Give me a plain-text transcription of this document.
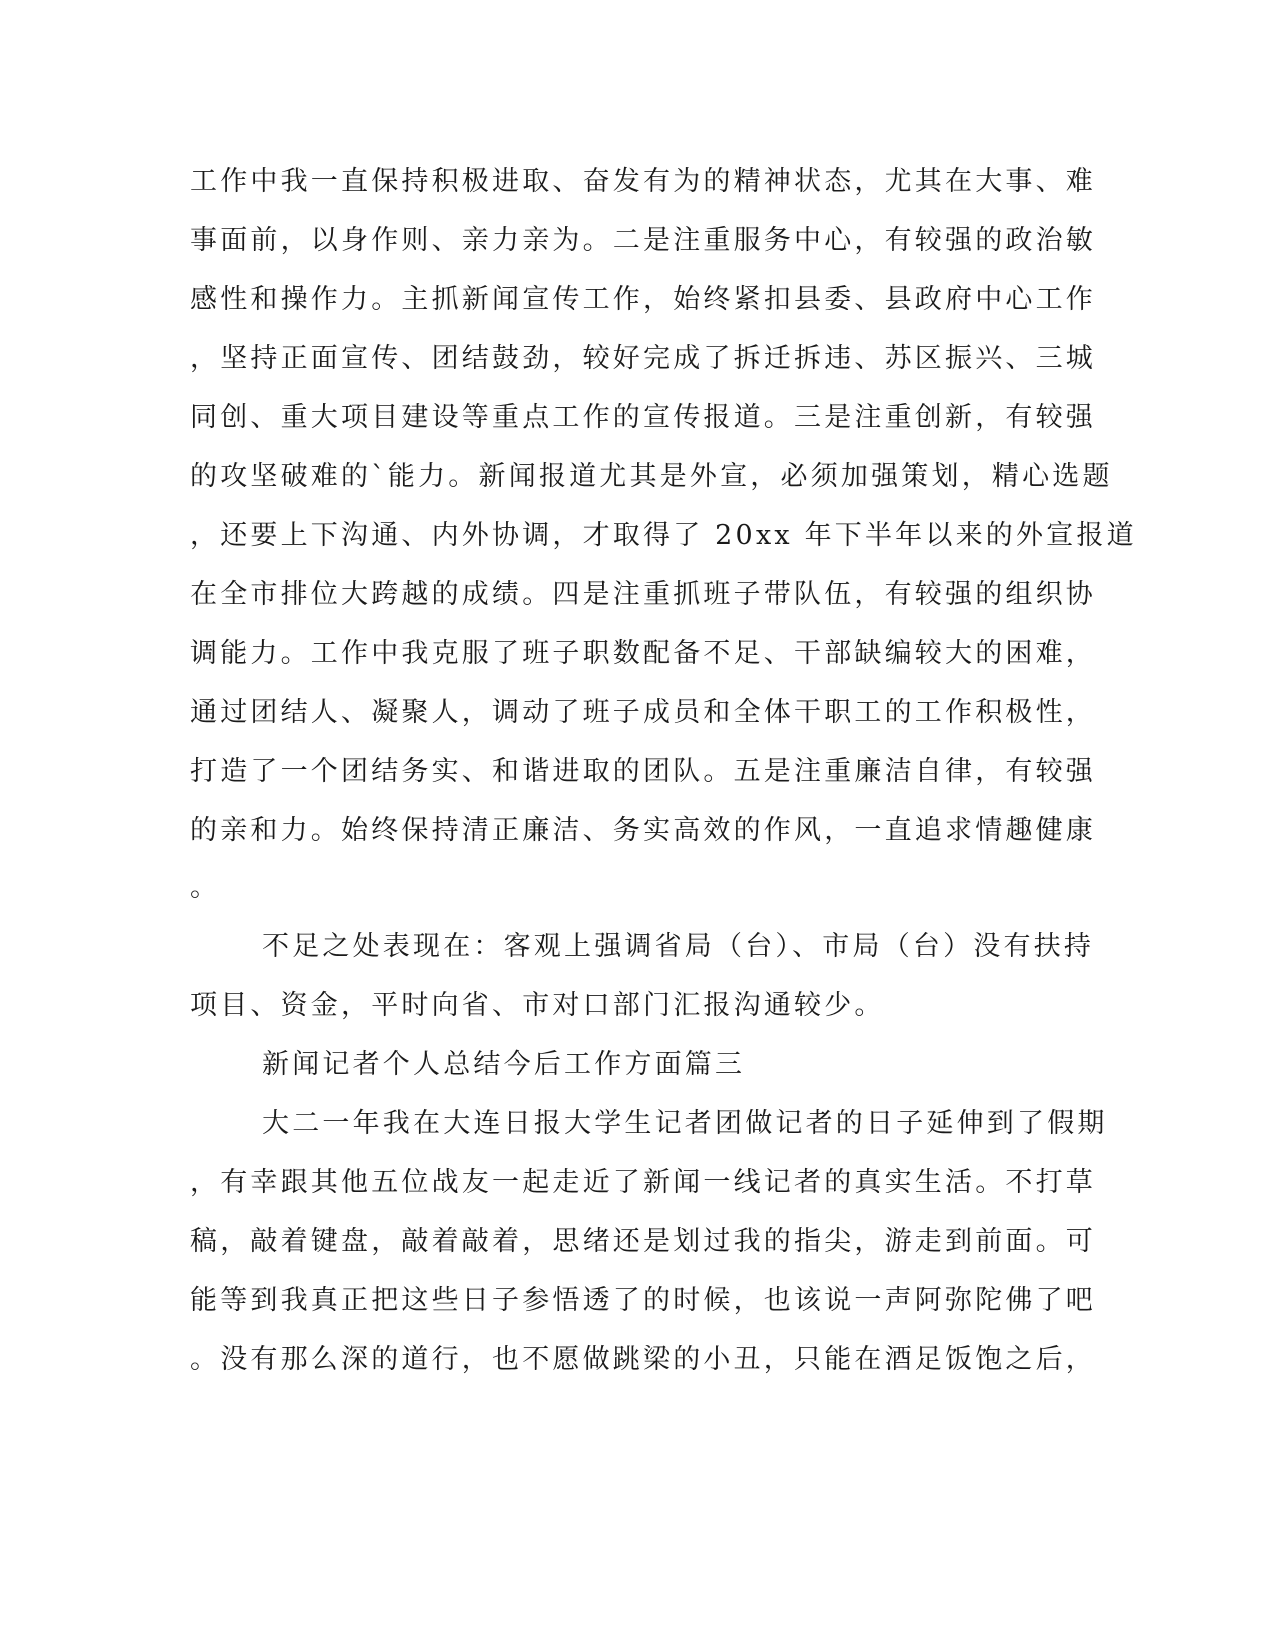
工作中我一直保持积极进取、奋发有为的精神状态，尤其在大事、难
事面前，以身作则、亲力亲为。二是注重服务中心，有较强的政治敏
感性和操作力。主抓新闻宣传工作，始终紧扣县委、县政府中心工作
，坚持正面宣传、团结鼓劲，较好完成了拆迁拆违、苏区振兴、三城
同创、重大项目建设等重点工作的宣传报道。三是注重创新，有较强
的攻坚破难的`能力。新闻报道尤其是外宣，必须加强策划，精心选题
，还要上下沟通、内外协调，才取得了 20xx 年下半年以来的外宣报道
在全市排位大跨越的成绩。四是注重抓班子带队伍，有较强的组织协
调能力。工作中我克服了班子职数配备不足、干部缺编较大的困难，
通过团结人、凝聚人，调动了班子成员和全体干职工的工作积极性，
打造了一个团结务实、和谐进取的团队。五是注重廉洁自律，有较强
的亲和力。始终保持清正廉洁、务实高效的作风，一直追求情趣健康
。
不足之处表现在：客观上强调省局（台）、市局（台）没有扶持
项目、资金，平时向省、市对口部门汇报沟通较少。
新闻记者个人总结今后工作方面篇三
大二一年我在大连日报大学生记者团做记者的日子延伸到了假期
，有幸跟其他五位战友一起走近了新闻一线记者的真实生活。不打草
稿，敲着键盘，敲着敲着，思绪还是划过我的指尖，游走到前面。可
能等到我真正把这些日子参悟透了的时候，也该说一声阿弥陀佛了吧
。没有那么深的道行，也不愿做跳梁的小丑，只能在酒足饭饱之后，
